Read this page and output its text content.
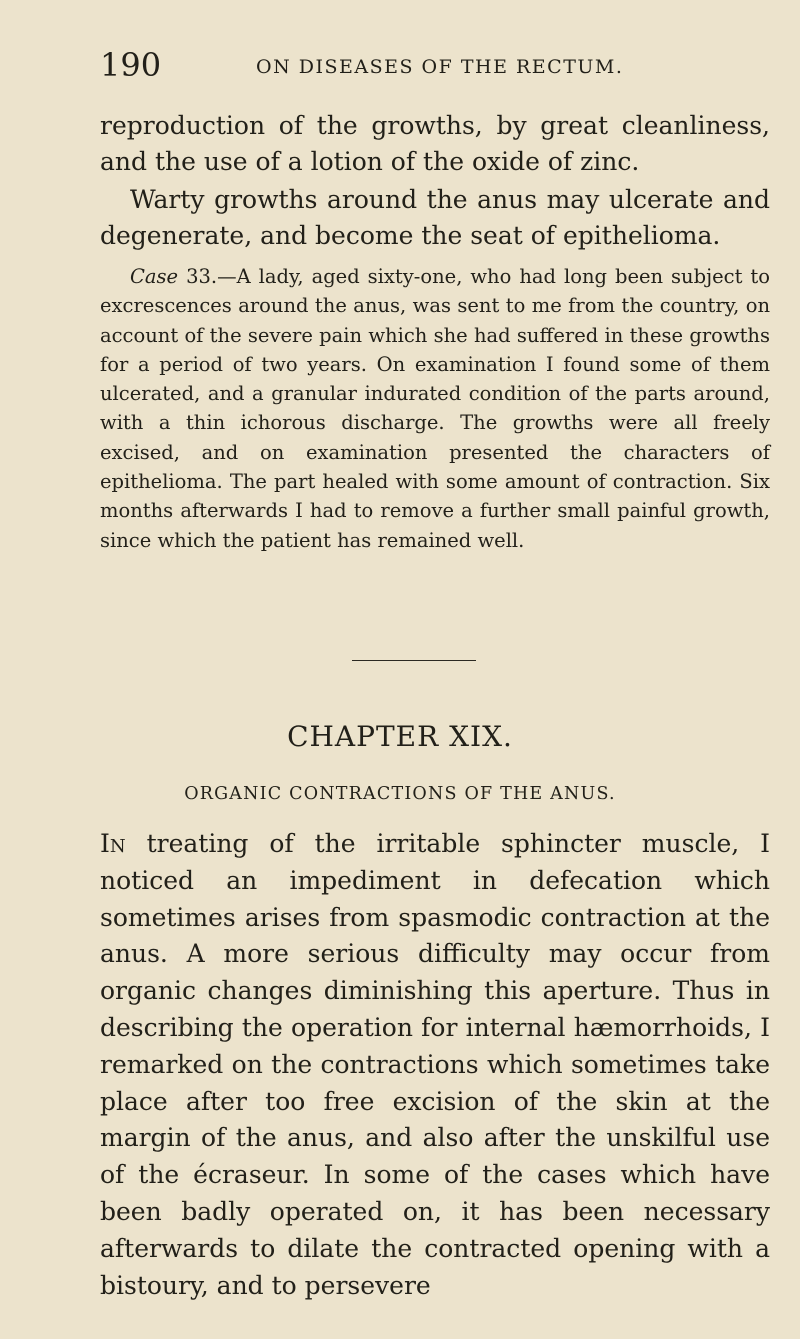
190	ON DISEASES OF THE RECTUM.

reproduction of the growths, by great cleanliness, and the use of a lotion of the oxide of zinc.

Warty growths around the anus may ulcerate and degenerate, and become the seat of epithelioma.

Case 33.—A lady, aged sixty-one, who had long been subject to excrescences around the anus, was sent to me from the country, on account of the severe pain which she had suffered in these growths for a period of two years. On examination I found some of them ulcerated, and a granular indurated condition of the parts around, with a thin ichorous discharge. The growths were all freely excised, and on examination presented the characters of epithelioma. The part healed with some amount of contraction. Six months afterwards I had to remove a further small painful growth, since which the patient has remained well.

CHAPTER XIX.
ORGANIC CONTRACTIONS OF THE ANUS.

In treating of the irritable sphincter muscle, I noticed an impediment in defecation which sometimes arises from spasmodic contraction at the anus. A more serious difficulty may occur from organic changes diminishing this aperture. Thus in describing the operation for internal hæmorrhoids, I remarked on the contractions which sometimes take place after too free excision of the skin at the margin of the anus, and also after the unskilful use of the écraseur. In some of the cases which have been badly operated on, it has been necessary afterwards to dilate the contracted opening with a bistoury, and to persevere
